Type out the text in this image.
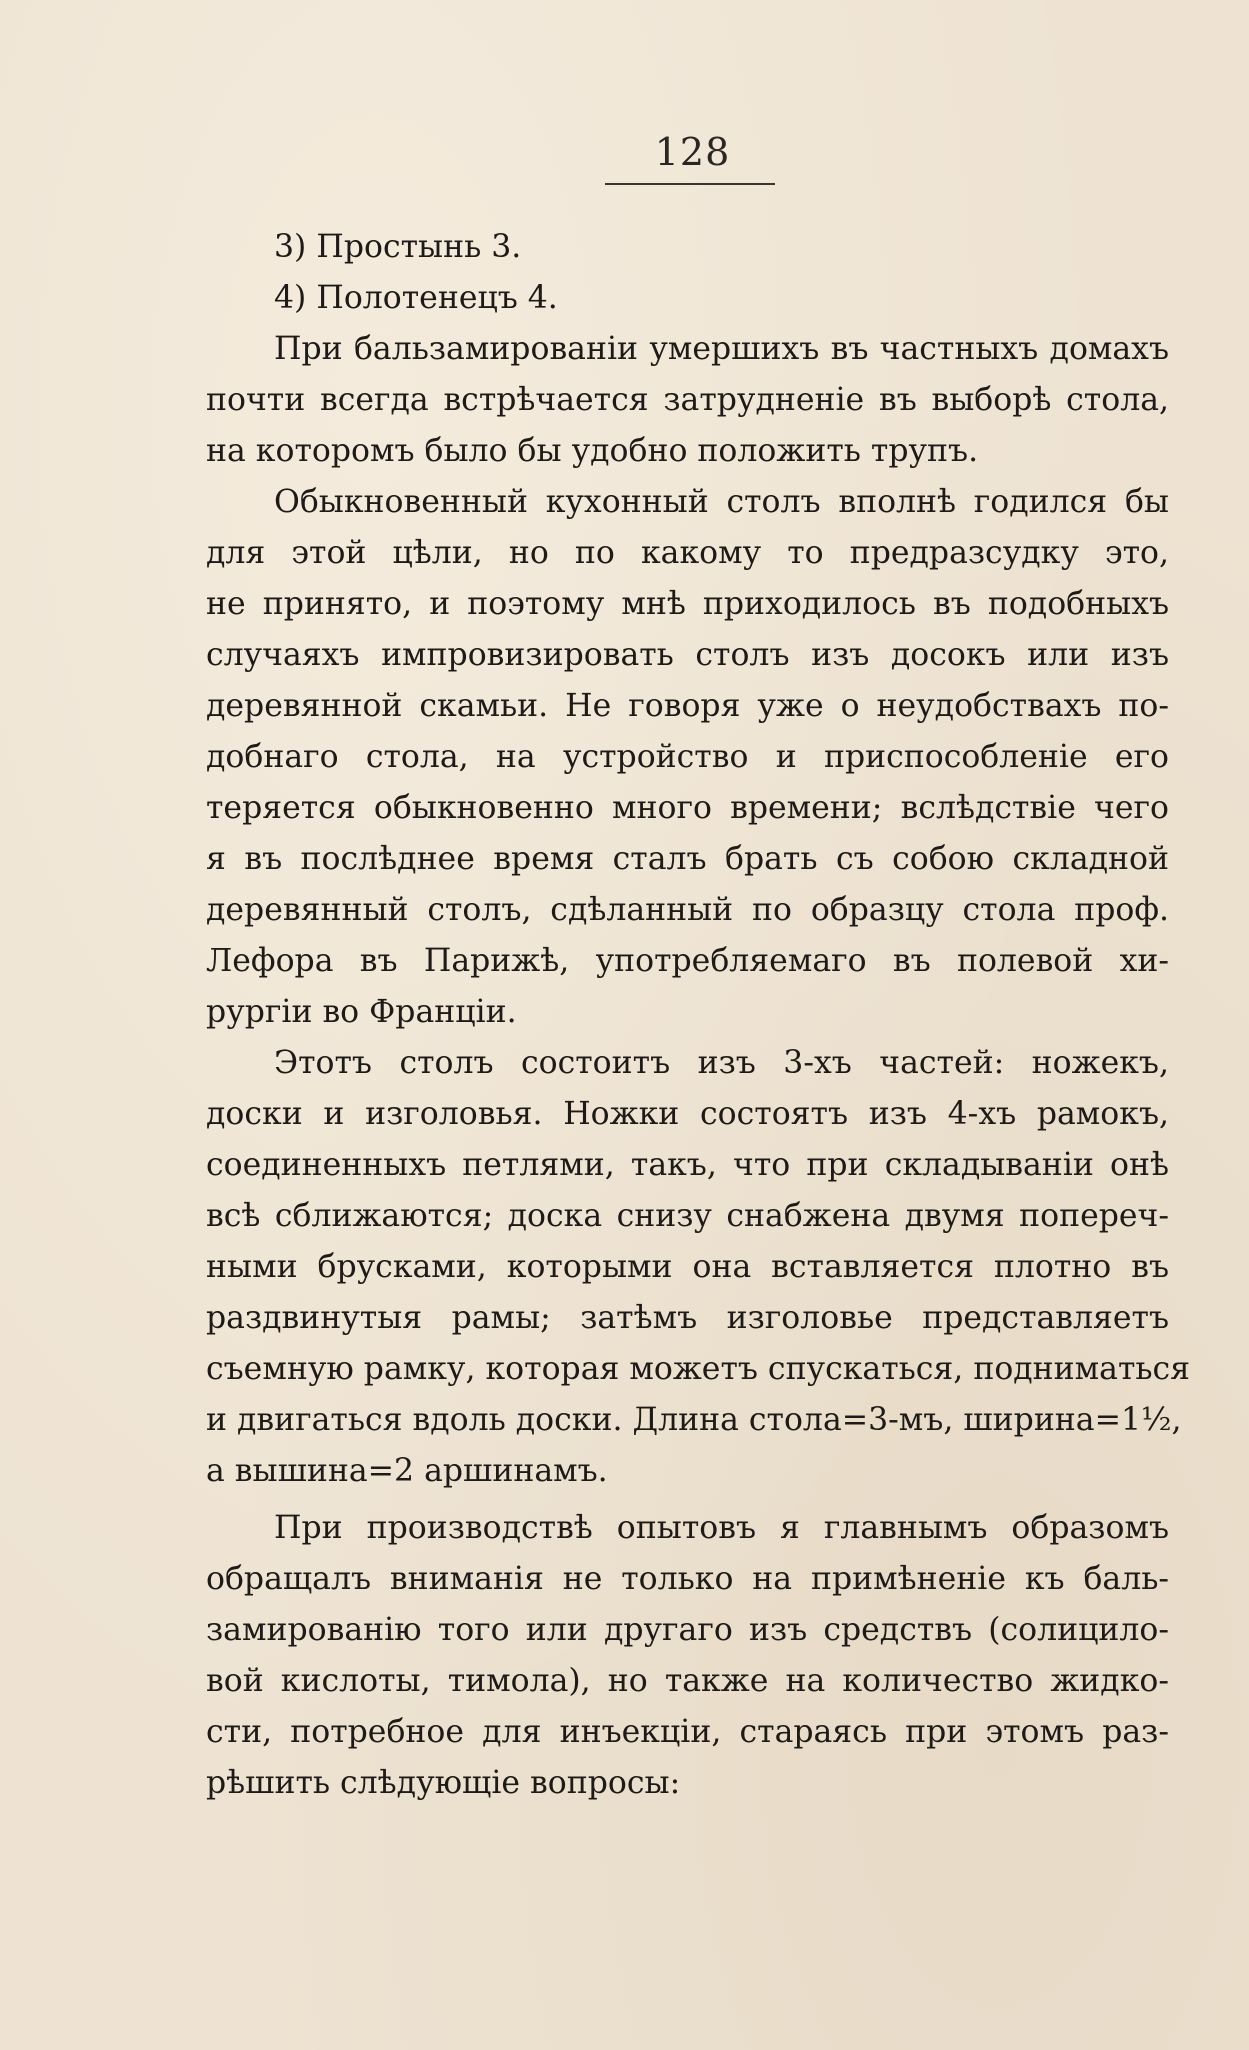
128
3) Простынь 3.
4) Полотенецъ 4.
При бальзамированіи умершихъ въ частныхъ домахъ
почти всегда встрѣчается затрудненіе въ выборѣ стола,
на которомъ было бы удобно положить трупъ.
Обыкновенный кухонный столъ вполнѣ годился бы
для этой цѣли, но по какому то предразсудку это,
не принято, и поэтому мнѣ приходилось въ подобныхъ
случаяхъ импровизировать столъ изъ досокъ или изъ
деревянной скамьи. Не говоря уже о неудобствахъ по-
добнаго стола, на устройство и приспособленіе его
теряется обыкновенно много времени; вслѣдствіе чего
я въ послѣднее время сталъ брать съ собою складной
деревянный столъ, сдѣланный по образцу стола проф.
Лефора въ Парижѣ, употребляемаго въ полевой хи-
рургіи во Франціи.
Этотъ столъ состоитъ изъ 3-хъ частей: ножекъ,
доски и изголовья. Ножки состоятъ изъ 4-хъ рамокъ,
соединенныхъ петлями, такъ, что при складываніи онѣ
всѣ сближаются; доска снизу снабжена двумя попереч-
ными брусками, которыми она вставляется плотно въ
раздвинутыя рамы; затѣмъ изголовье представляетъ
съемную рамку, которая можетъ спускаться, подниматься
и двигаться вдоль доски. Длина стола=3-мъ, ширина=1½,
а вышина=2 аршинамъ.
При производствѣ опытовъ я главнымъ образомъ
обращалъ вниманія не только на примѣненіе къ баль-
замированію того или другаго изъ средствъ (солицило-
вой кислоты, тимола), но также на количество жидко-
сти, потребное для инъекціи, стараясь при этомъ раз-
рѣшить слѣдующіе вопросы:
